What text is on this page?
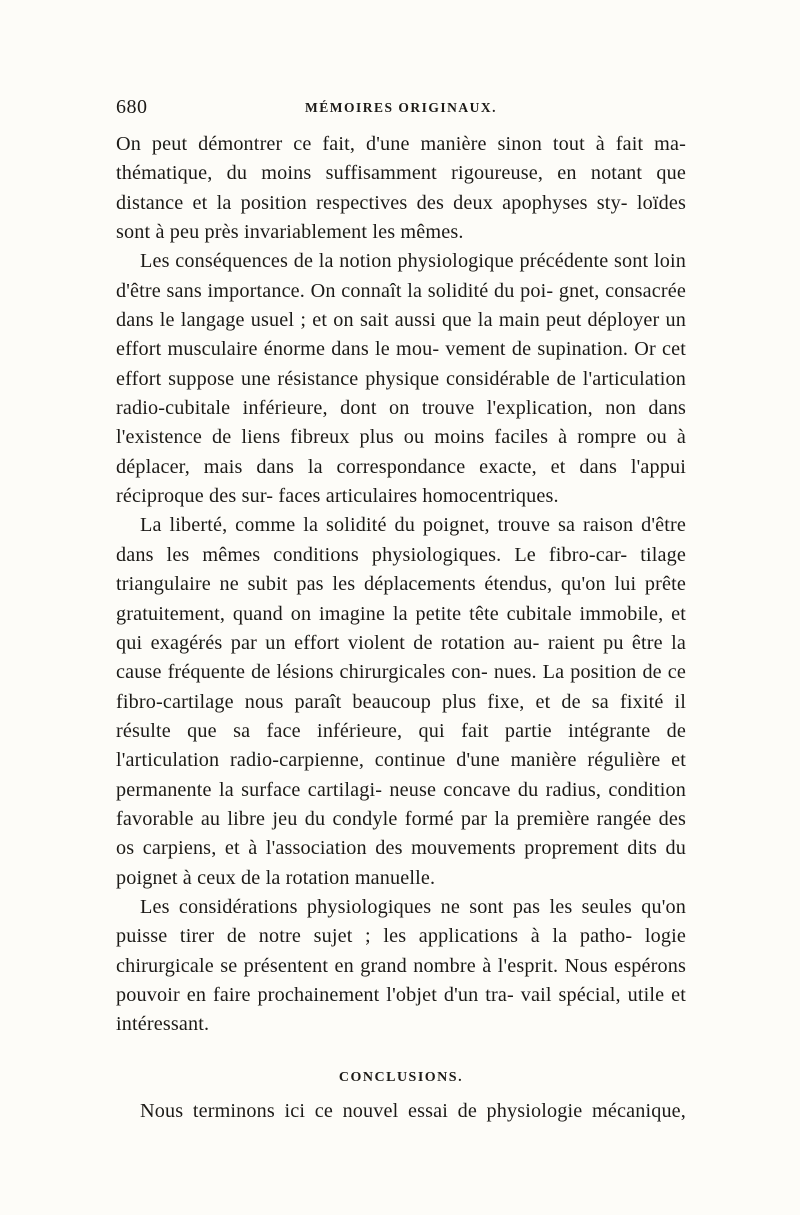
680	MÉMOIRES ORIGINAUX.

On peut démontrer ce fait, d'une manière sinon tout à fait ma- thématique, du moins suffisamment rigoureuse, en notant que distance et la position respectives des deux apophyses sty- loïdes sont à peu près invariablement les mêmes.

Les conséquences de la notion physiologique précédente sont loin d'être sans importance. On connaît la solidité du poi- gnet, consacrée dans le langage usuel ; et on sait aussi que la main peut déployer un effort musculaire énorme dans le mou- vement de supination. Or cet effort suppose une résistance physique considérable de l'articulation radio-cubitale inférieure, dont on trouve l'explication, non dans l'existence de liens fibreux plus ou moins faciles à rompre ou à déplacer, mais dans la correspondance exacte, et dans l'appui réciproque des sur- faces articulaires homocentriques.

La liberté, comme la solidité du poignet, trouve sa raison d'être dans les mêmes conditions physiologiques. Le fibro-car- tilage triangulaire ne subit pas les déplacements étendus, qu'on lui prête gratuitement, quand on imagine la petite tête cubitale immobile, et qui exagérés par un effort violent de rotation au- raient pu être la cause fréquente de lésions chirurgicales con- nues. La position de ce fibro-cartilage nous paraît beaucoup plus fixe, et de sa fixité il résulte que sa face inférieure, qui fait partie intégrante de l'articulation radio-carpienne, continue d'une manière régulière et permanente la surface cartilagi- neuse concave du radius, condition favorable au libre jeu du condyle formé par la première rangée des os carpiens, et à l'association des mouvements proprement dits du poignet à ceux de la rotation manuelle.

Les considérations physiologiques ne sont pas les seules qu'on puisse tirer de notre sujet ; les applications à la patho- logie chirurgicale se présentent en grand nombre à l'esprit. Nous espérons pouvoir en faire prochainement l'objet d'un tra- vail spécial, utile et intéressant.

CONCLUSIONS.

Nous terminons ici ce nouvel essai de physiologie mécanique,
